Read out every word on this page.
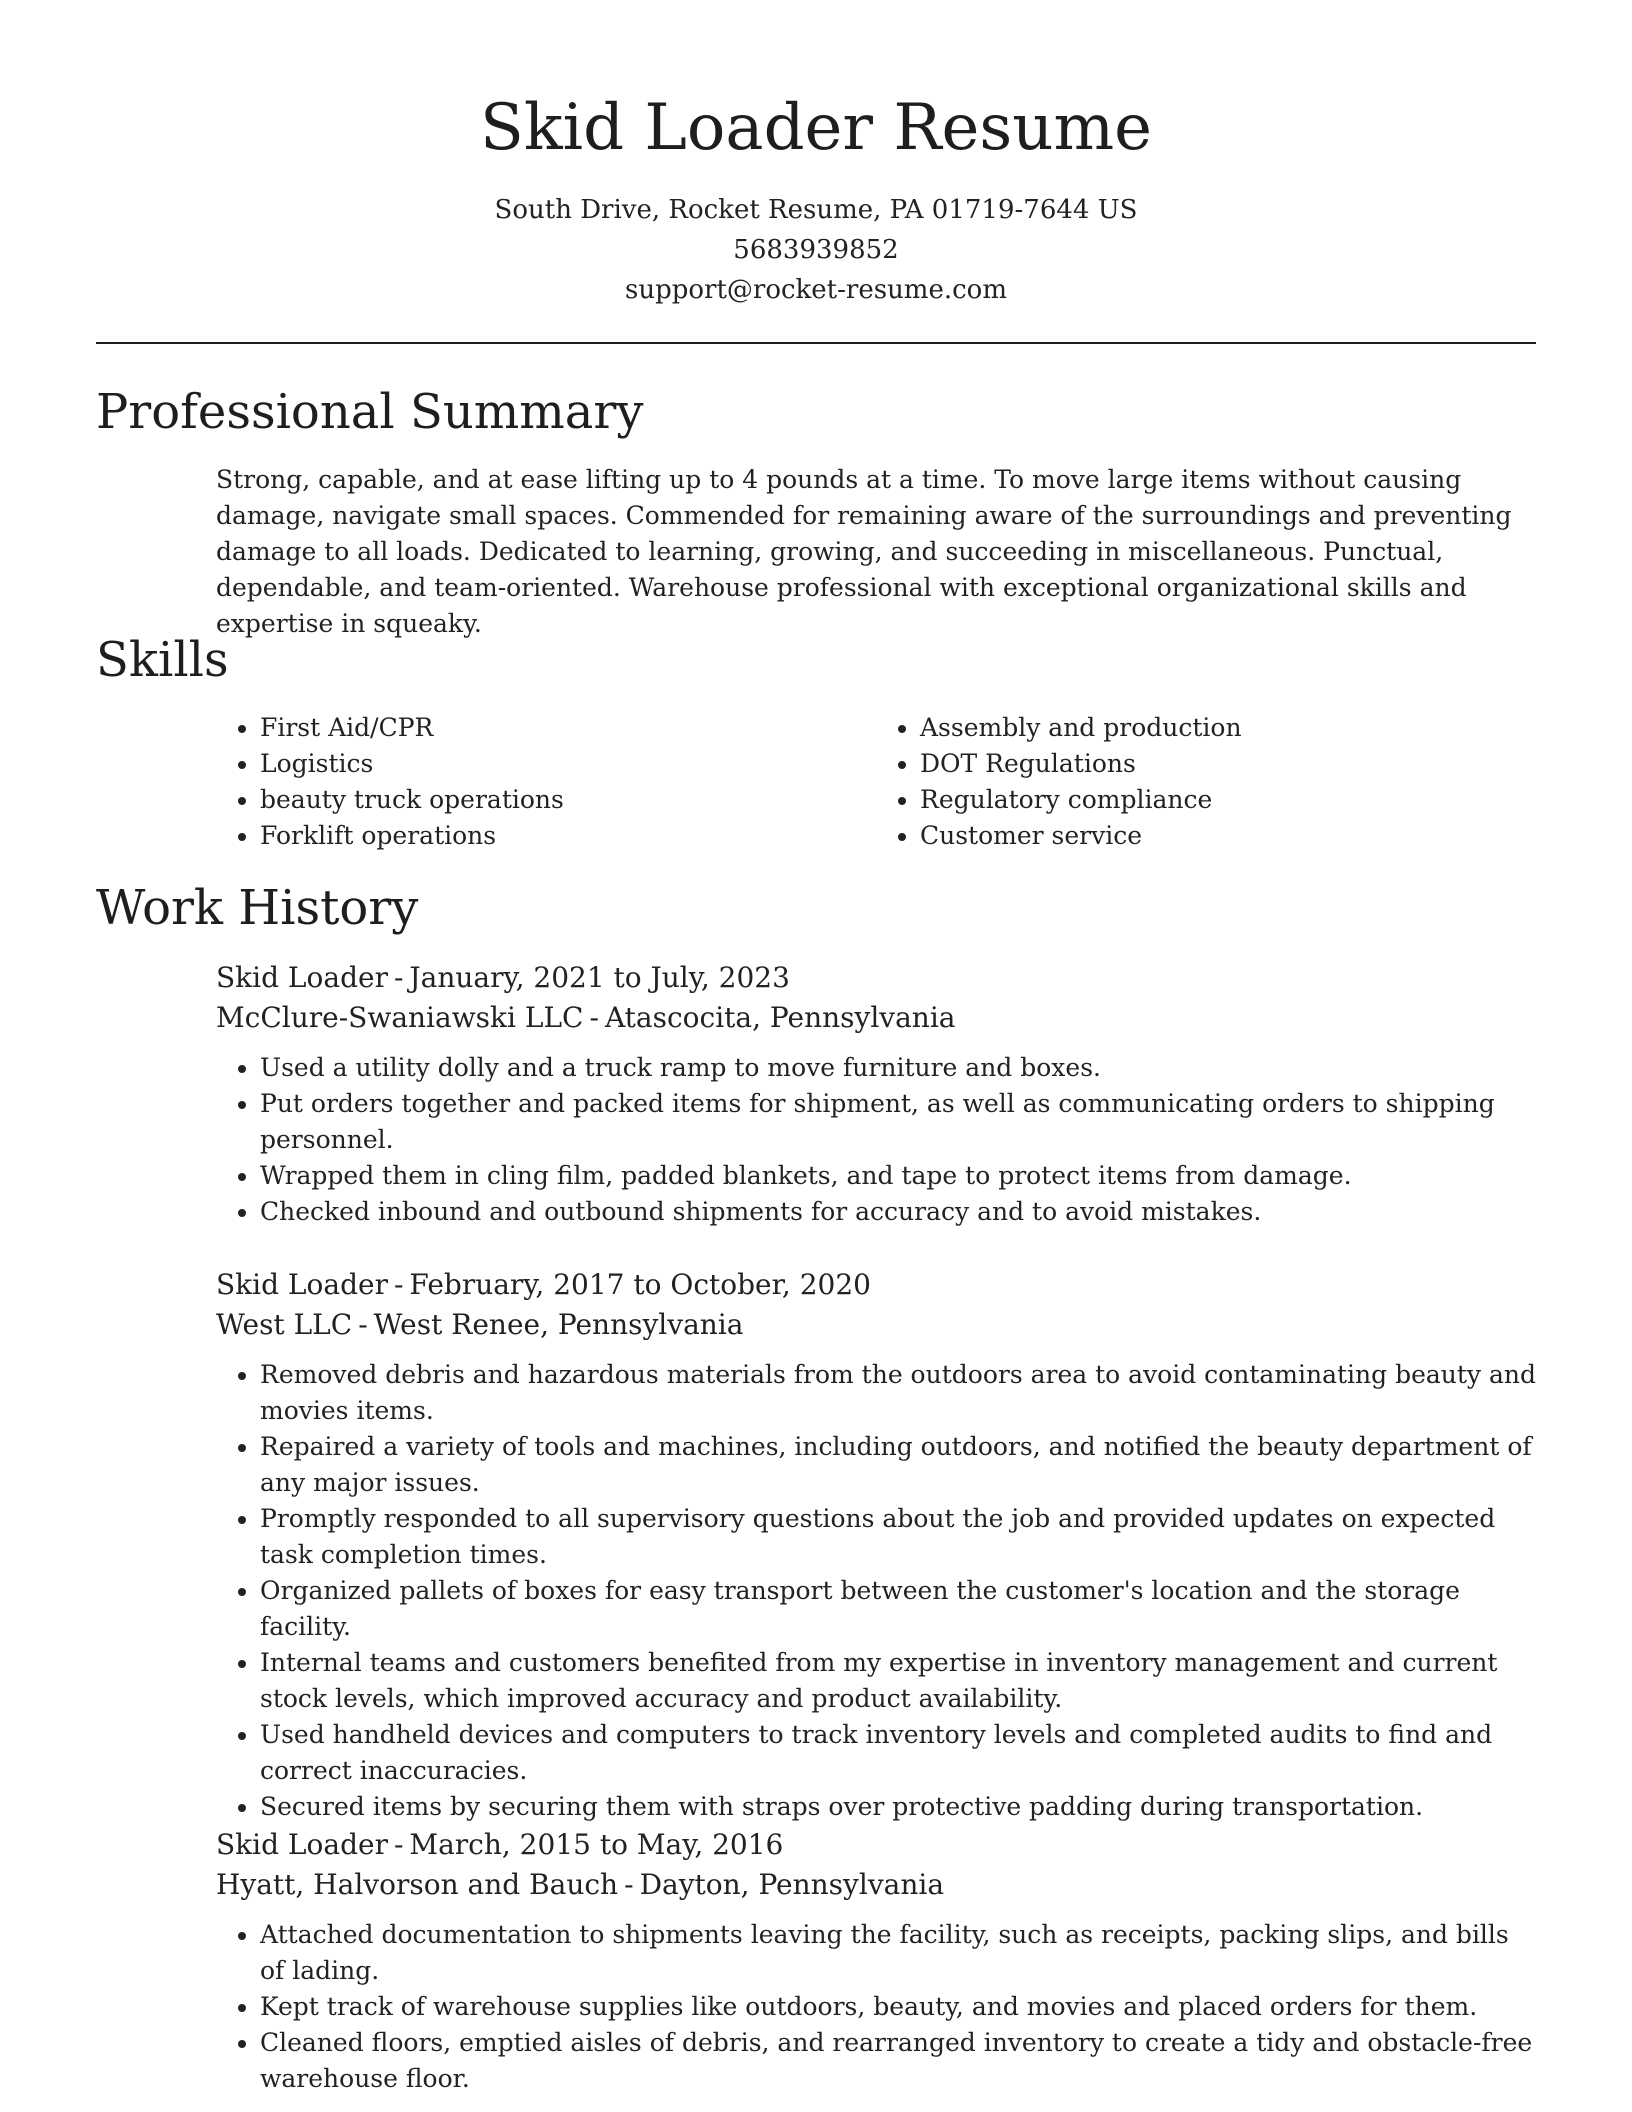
Skid Loader Resume
South Drive, Rocket Resume, PA 01719-7644 US
5683939852
support@rocket-resume.com
Professional Summary
Strong, capable, and at ease lifting up to 4 pounds at a time. To move large items without causing damage, navigate small spaces. Commended for remaining aware of the surroundings and preventing damage to all loads. Dedicated to learning, growing, and succeeding in miscellaneous. Punctual, dependable, and team-oriented. Warehouse professional with exceptional organizational skills and expertise in squeaky.
Skills
• First Aid/CPR
• Logistics
• beauty truck operations
• Forklift operations
• Assembly and production
• DOT Regulations
• Regulatory compliance
• Customer service
Work History
Skid Loader - January, 2021 to July, 2023
McClure-Swaniawski LLC - Atascocita, Pennsylvania
• Used a utility dolly and a truck ramp to move furniture and boxes.
• Put orders together and packed items for shipment, as well as communicating orders to shipping personnel.
• Wrapped them in cling film, padded blankets, and tape to protect items from damage.
• Checked inbound and outbound shipments for accuracy and to avoid mistakes.
Skid Loader - February, 2017 to October, 2020
West LLC - West Renee, Pennsylvania
• Removed debris and hazardous materials from the outdoors area to avoid contaminating beauty and movies items.
• Repaired a variety of tools and machines, including outdoors, and notified the beauty department of any major issues.
• Promptly responded to all supervisory questions about the job and provided updates on expected task completion times.
• Organized pallets of boxes for easy transport between the customer's location and the storage facility.
• Internal teams and customers benefited from my expertise in inventory management and current stock levels, which improved accuracy and product availability.
• Used handheld devices and computers to track inventory levels and completed audits to find and correct inaccuracies.
• Secured items by securing them with straps over protective padding during transportation.
Skid Loader - March, 2015 to May, 2016
Hyatt, Halvorson and Bauch - Dayton, Pennsylvania
• Attached documentation to shipments leaving the facility, such as receipts, packing slips, and bills of lading.
• Kept track of warehouse supplies like outdoors, beauty, and movies and placed orders for them.
• Cleaned floors, emptied aisles of debris, and rearranged inventory to create a tidy and obstacle-free warehouse floor.
